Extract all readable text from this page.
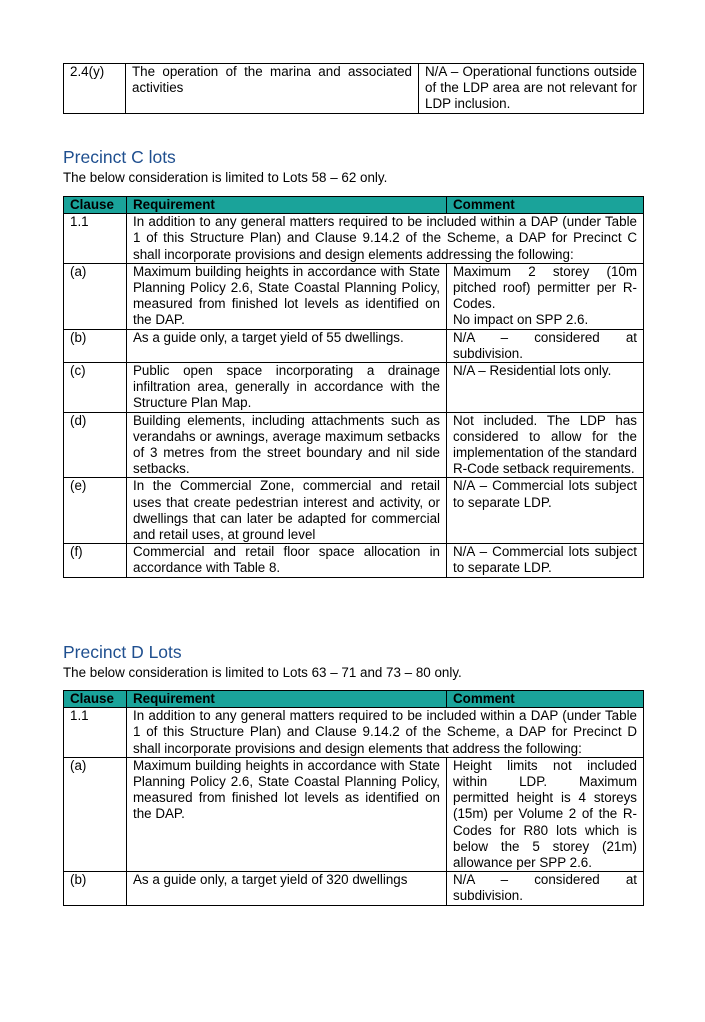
2.4(y)	The operation of the marina and associated activities	N/A – Operational functions outside of the LDP area are not relevant for LDP inclusion.
Precinct C lots

The below consideration is limited to Lots 58 – 62 only.

Clause	Requirement	Comment
1.1	In addition to any general matters required to be included within a DAP (under Table 1 of this Structure Plan) and Clause 9.14.2 of the Scheme, a DAP for Precinct C shall incorporate provisions and design elements addressing the following:	
(a)	Maximum building heights in accordance with State Planning Policy 2.6, State Coastal Planning Policy, measured from finished lot levels as identified on the DAP.	Maximum 2 storey (10m pitched roof) permitter per R-Codes.
No impact on SPP 2.6.
(b)	As a guide only, a target yield of 55 dwellings.	N/A – considered at subdivision.
(c)	Public open space incorporating a drainage infiltration area, generally in accordance with the Structure Plan Map.	N/A – Residential lots only.
(d)	Building elements, including attachments such as verandahs or awnings, average maximum setbacks of 3 metres from the street boundary and nil side setbacks.	Not included. The LDP has considered to allow for the implementation of the standard R-Code setback requirements.
(e)	In the Commercial Zone, commercial and retail uses that create pedestrian interest and activity, or dwellings that can later be adapted for commercial and retail uses, at ground level	N/A – Commercial lots subject to separate LDP.
(f)	Commercial and retail floor space allocation in accordance with Table 8.	N/A – Commercial lots subject to separate LDP.
Precinct D Lots

The below consideration is limited to Lots 63 – 71 and 73 – 80 only.

Clause	Requirement	Comment
1.1	In addition to any general matters required to be included within a DAP (under Table 1 of this Structure Plan) and Clause 9.14.2 of the Scheme, a DAP for Precinct D shall incorporate provisions and design elements that address the following:	
(a)	Maximum building heights in accordance with State Planning Policy 2.6, State Coastal Planning Policy, measured from finished lot levels as identified on the DAP.	Height limits not included within LDP. Maximum permitted height is 4 storeys (15m) per Volume 2 of the R-Codes for R80 lots which is below the 5 storey (21m) allowance per SPP 2.6.
(b)	As a guide only, a target yield of 320 dwellings	N/A – considered at subdivision.
